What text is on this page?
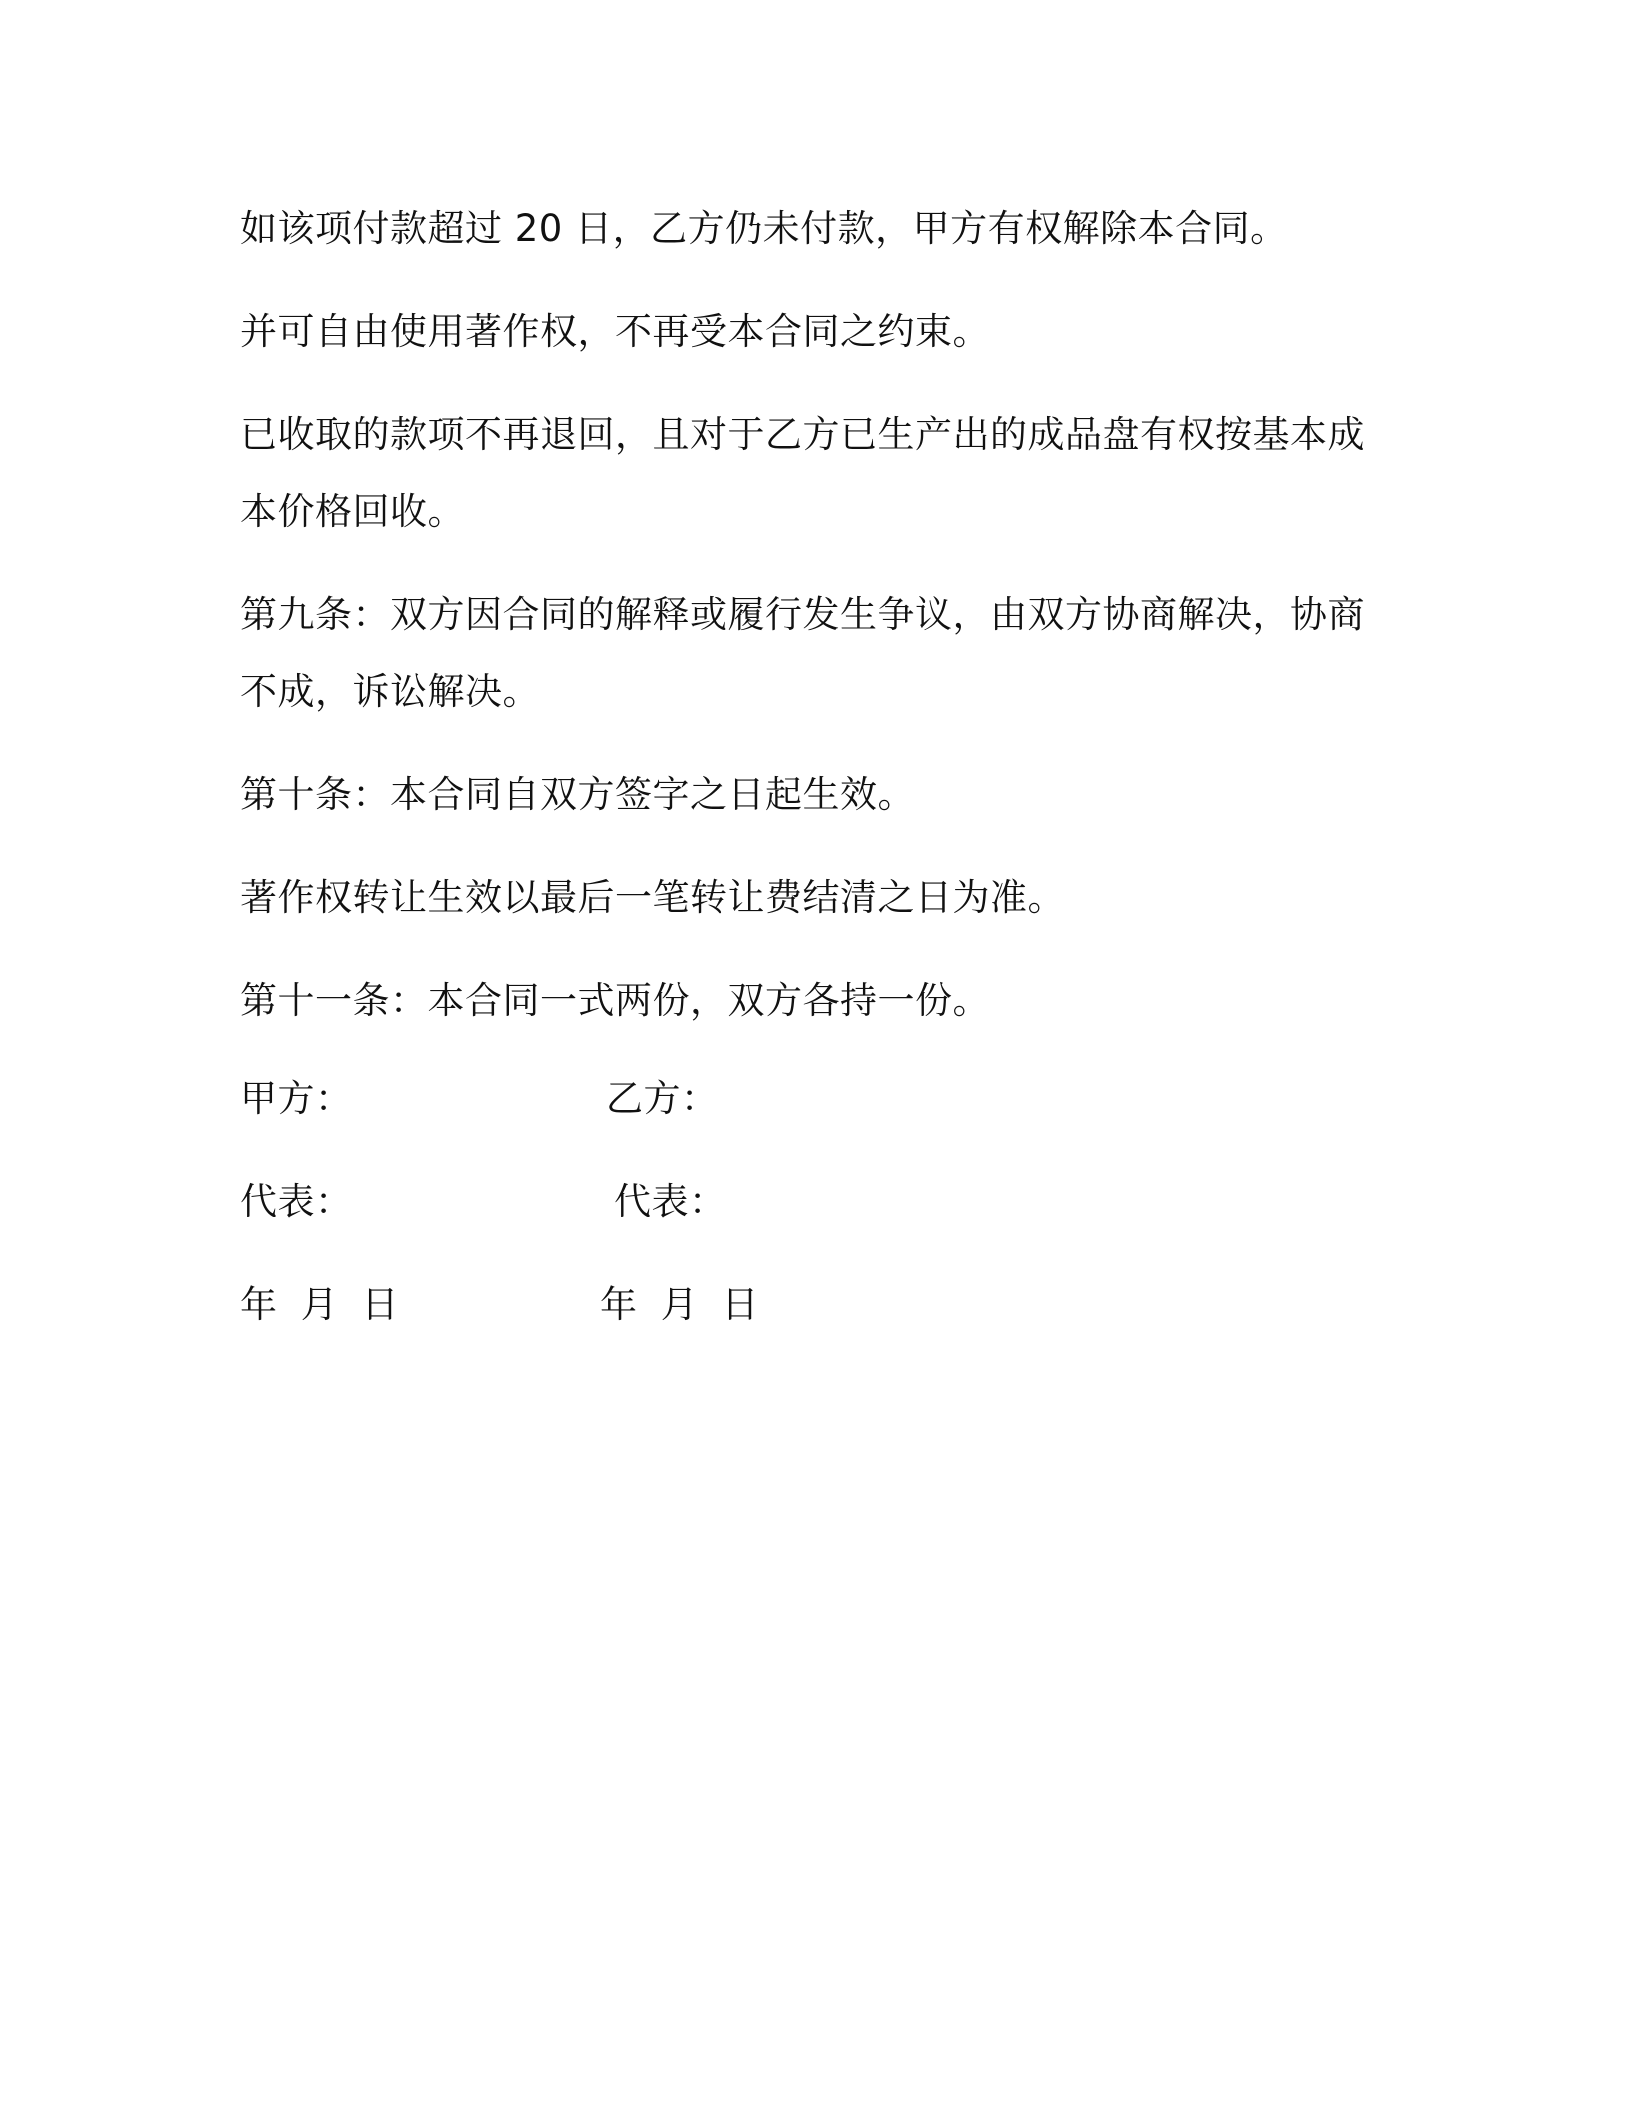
如该项付款超过 20 日，乙方仍未付款，甲方有权解除本合同。

并可自由使用著作权，不再受本合同之约束。

已收取的款项不再退回，且对于乙方已生产出的成品盘有权按基本成本价格回收。

第九条：双方因合同的解释或履行发生争议，由双方协商解决，协商不成，诉讼解决。

第十条：本合同自双方签字之日起生效。

著作权转让生效以最后一笔转让费结清之日为准。

第十一条：本合同一式两份，双方各持一份。

甲方：	乙方：
代表：	代表：
年 月 日	年 月 日
